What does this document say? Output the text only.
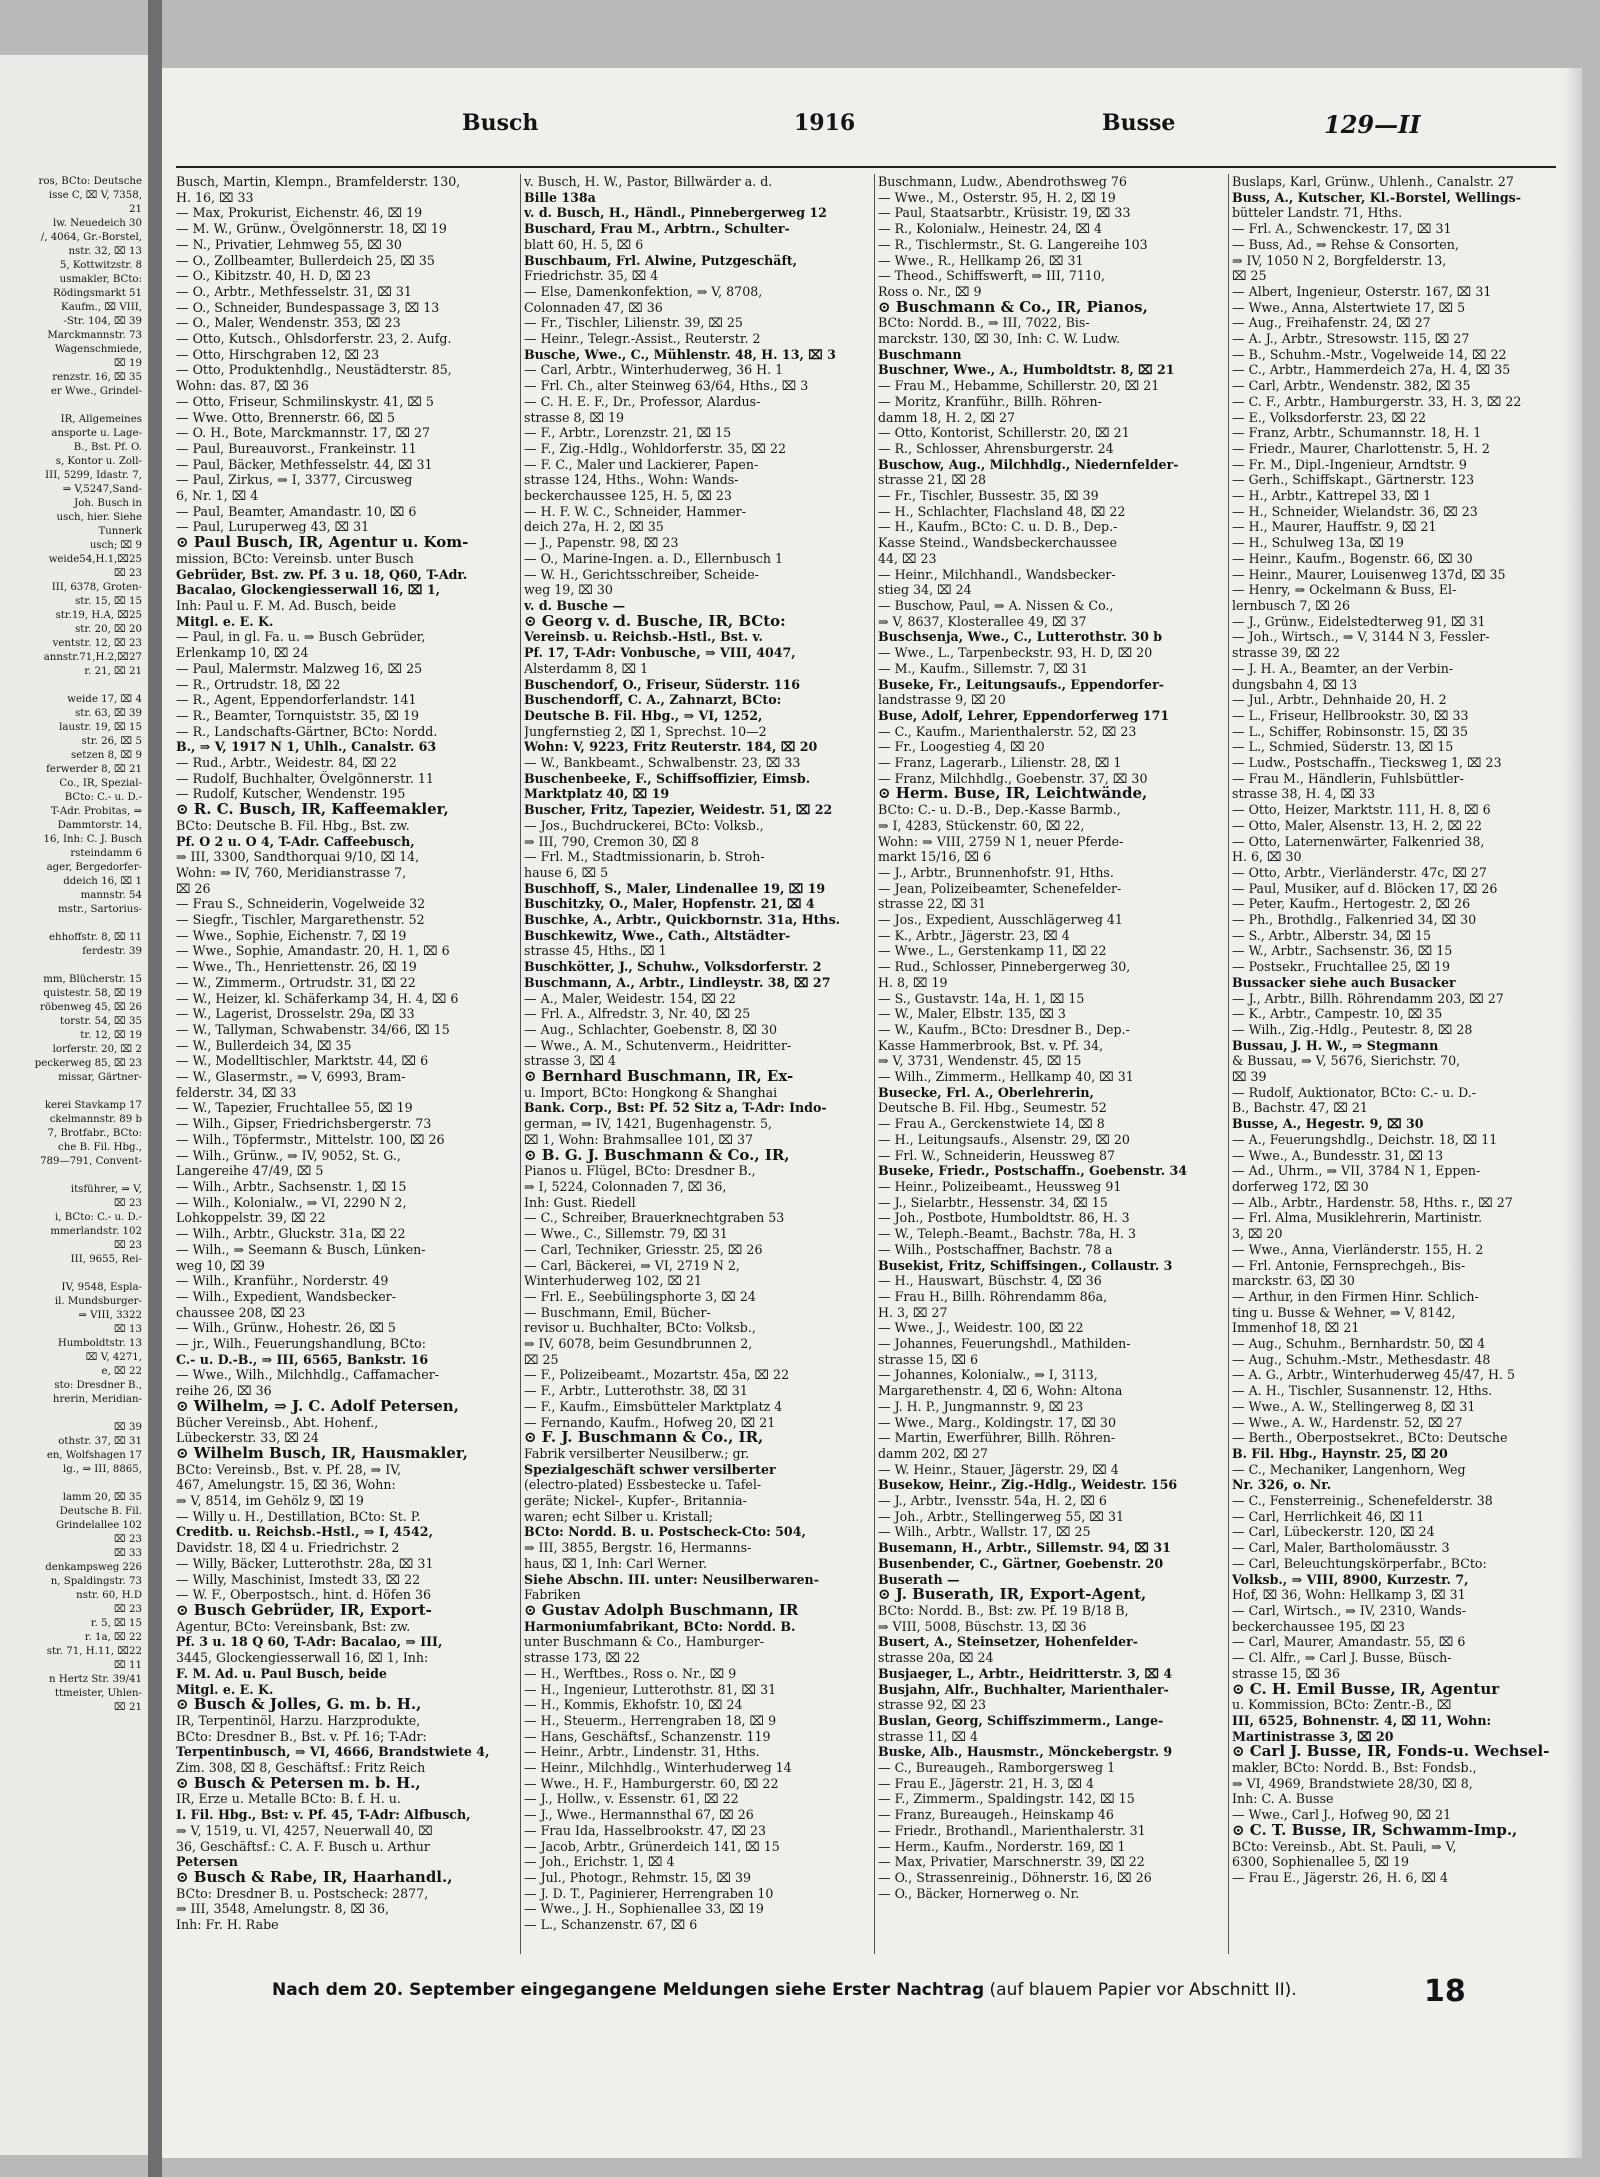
ros, BCto: Deutsche
isse C, ⌧ V, 7358,
21
lw. Neuedeich 30
/, 4064, Gr.-Borstel,
nstr. 32, ⌧ 13
5, Kottwitzstr. 8
usmakler, BCto:
Rödingsmarkt 51
Kaufm., ⌧ VIII,
-Str. 104, ⌧ 39
Marckmannstr. 73
Wagenschmiede,
⌧ 19
renzstr. 16, ⌧ 35
er Wwe., Grindel-

IR, Allgemeines
ansporte u. Lage-
B., Bst. Pf. O.
s, Kontor u. Zoll-
III, 5299, Idastr. 7,
⇒ V,5247,Sand-
Joh. Busch in
usch, hier. Siehe
Tunnerk
usch; ⌧ 9
weide54,H.1,⌧25
⌧ 23
III, 6378, Groten-
str. 15, ⌧ 15
str.19, H.A, ⌧25
str. 20, ⌧ 20
ventstr. 12, ⌧ 23
annstr.71,H.2,⌧27
r. 21, ⌧ 21

weide 17, ⌧ 4
str. 63, ⌧ 39
laustr. 19, ⌧ 15
str. 26, ⌧ 5
setzen 8, ⌧ 9
ferwerder 8, ⌧ 21
Co., IR, Spezial-
BCto: C.- u. D.-
T-Adr. Probitas, ⇒
Dammtorstr. 14,
16, Inh: C. J. Busch
rsteindamm 6
ager, Bergedorfer-
ddeich 16, ⌧ 1
mannstr. 54
mstr., Sartorius-

ehhoffstr. 8, ⌧ 11
ferdestr. 39

mm, Blücherstr. 15
quistestr. 58, ⌧ 19
röbenweg 45, ⌧ 26
torstr. 54, ⌧ 35
tr. 12, ⌧ 19
lorferstr. 20, ⌧ 2
peckerweg 85, ⌧ 23
missar, Gärtner-

kerei Stavkamp 17
ckelmannstr. 89 b
7, Brotfabr., BCto:
che B. Fil. Hbg.,
789—791, Convent-

itsführer, ⇒ V,
⌧ 23
i, BCto: C.- u. D.-
mmerlandstr. 102
⌧ 23
III, 9655, Rei-

IV, 9548, Espla-
il. Mundsburger-
⇒ VIII, 3322
⌧ 13
Humboldtstr. 13
⌧ V, 4271,
e, ⌧ 22
sto: Dresdner B.,
hrerin, Meridian-

⌧ 39
othstr. 37, ⌧ 31
en, Wolfshagen 17
lg., ⇒ III, 8865,

lamm 20, ⌧ 35
Deutsche B. Fil.
Grindelallee 102
⌧ 23
⌧ 33
denkampsweg 226
n, Spaldingstr. 73
nstr. 60, H.D
⌧ 23
r. 5, ⌧ 15
r. 1a, ⌧ 22
str. 71, H.11, ⌧22
⌧ 11
n Hertz Str. 39/41
ttmeister, Uhlen-
⌧ 21
Busch	1916	Busse	129—II
Busch, Martin, Klempn., Bramfelderstr. 130,
H. 16, ⌧ 33
— Max, Prokurist, Eichenstr. 46, ⌧ 19
— M. W., Grünw., Övelgönnerstr. 18, ⌧ 19
— N., Privatier, Lehmweg 55, ⌧ 30
— O., Zollbeamter, Bullerdeich 25, ⌧ 35
— O., Kibitzstr. 40, H. D, ⌧ 23
— O., Arbtr., Methfesselstr. 31, ⌧ 31
— O., Schneider, Bundespassage 3, ⌧ 13
— O., Maler, Wendenstr. 353, ⌧ 23
— Otto, Kutsch., Ohlsdorferstr. 23, 2. Aufg.
— Otto, Hirschgraben 12, ⌧ 23
— Otto, Produktenhdlg., Neustädterstr. 85,
Wohn: das. 87, ⌧ 36
— Otto, Friseur, Schmilinskystr. 41, ⌧ 5
— Wwe. Otto, Brennerstr. 66, ⌧ 5
— O. H., Bote, Marckmannstr. 17, ⌧ 27
— Paul, Bureauvorst., Frankeinstr. 11
— Paul, Bäcker, Methfesselstr. 44, ⌧ 31
— Paul, Zirkus, ⇒ I, 3377, Circusweg
6, Nr. 1, ⌧ 4
— Paul, Beamter, Amandastr. 10, ⌧ 6
— Paul, Luruperweg 43, ⌧ 31
⊙ Paul Busch, IR, Agentur u. Kom-
mission, BCto: Vereinsb. unter Busch
Gebrüder, Bst. zw. Pf. 3 u. 18, Q60, T-Adr.
Bacalao, Glockengiesserwall 16, ⌧ 1,
Inh: Paul u. F. M. Ad. Busch, beide
Mitgl. e. E. K.
— Paul, in gl. Fa. u. ⇒ Busch Gebrüder,
Erlenkamp 10, ⌧ 24
— Paul, Malermstr. Malzweg 16, ⌧ 25
— R., Ortrudstr. 18, ⌧ 22
— R., Agent, Eppendorferlandstr. 141
— R., Beamter, Tornquiststr. 35, ⌧ 19
— R., Landschafts-Gärtner, BCto: Nordd.
B., ⇒ V, 1917 N 1, Uhlh., Canalstr. 63
— Rud., Arbtr., Weidestr. 84, ⌧ 22
— Rudolf, Buchhalter, Övelgönnerstr. 11
— Rudolf, Kutscher, Wendenstr. 195
⊙ R. C. Busch, IR, Kaffeemakler,
BCto: Deutsche B. Fil. Hbg., Bst. zw.
Pf. O 2 u. O 4, T-Adr. Caffeebusch,
⇒ III, 3300, Sandthorquai 9/10, ⌧ 14,
Wohn: ⇒ IV, 760, Meridianstrasse 7,
⌧ 26
— Frau S., Schneiderin, Vogelweide 32
— Siegfr., Tischler, Margarethenstr. 52
— Wwe., Sophie, Eichenstr. 7, ⌧ 19
— Wwe., Sophie, Amandastr. 20, H. 1, ⌧ 6
— Wwe., Th., Henriettenstr. 26, ⌧ 19
— W., Zimmerm., Ortrudstr. 31, ⌧ 22
— W., Heizer, kl. Schäferkamp 34, H. 4, ⌧ 6
— W., Lagerist, Drosselstr. 29a, ⌧ 33
— W., Tallyman, Schwabenstr. 34/66, ⌧ 15
— W., Bullerdeich 34, ⌧ 35
— W., Modelltischler, Marktstr. 44, ⌧ 6
— W., Glasermstr., ⇒ V, 6993, Bram-
felderstr. 34, ⌧ 33
— W., Tapezier, Fruchtallee 55, ⌧ 19
— Wilh., Gipser, Friedrichsbergerstr. 73
— Wilh., Töpfermstr., Mittelstr. 100, ⌧ 26
— Wilh., Grünw., ⇒ IV, 9052, St. G.,
Langereihe 47/49, ⌧ 5
— Wilh., Arbtr., Sachsenstr. 1, ⌧ 15
— Wilh., Kolonialw., ⇒ VI, 2290 N 2,
Lohkoppelstr. 39, ⌧ 22
— Wilh., Arbtr., Gluckstr. 31a, ⌧ 22
— Wilh., ⇒ Seemann & Busch, Lünken-
weg 10, ⌧ 39
— Wilh., Kranführ., Norderstr. 49
— Wilh., Expedient, Wandsbecker-
chaussee 208, ⌧ 23
— Wilh., Grünw., Hohestr. 26, ⌧ 5
— jr., Wilh., Feuerungshandlung, BCto:
C.- u. D.-B., ⇒ III, 6565, Bankstr. 16
— Wwe., Wilh., Milchhdlg., Caffamacher-
reihe 26, ⌧ 36
⊙ Wilhelm, ⇒ J. C. Adolf Petersen,
Bücher Vereinsb., Abt. Hohenf.,
Lübeckerstr. 33, ⌧ 24
⊙ Wilhelm Busch, IR, Hausmakler,
BCto: Vereinsb., Bst. v. Pf. 28, ⇒ IV,
467, Amelungstr. 15, ⌧ 36, Wohn:
⇒ V, 8514, im Gehölz 9, ⌧ 19
— Willy u. H., Destillation, BCto: St. P.
Creditb. u. Reichsb.-Hstl., ⇒ I, 4542,
Davidstr. 18, ⌧ 4 u. Friedrichstr. 2
— Willy, Bäcker, Lutterothstr. 28a, ⌧ 31
— Willy, Maschinist, Imstedt 33, ⌧ 22
— W. F., Oberpostsch., hint. d. Höfen 36
⊙ Busch Gebrüder, IR, Export-
Agentur, BCto: Vereinsbank, Bst: zw.
Pf. 3 u. 18 Q 60, T-Adr: Bacalao, ⇒ III,
3445, Glockengiesserwall 16, ⌧ 1, Inh:
F. M. Ad. u. Paul Busch, beide
Mitgl. e. E. K.
⊙ Busch & Jolles, G. m. b. H.,
IR, Terpentinöl, Harzu. Harzprodukte,
BCto: Dresdner B., Bst. v. Pf. 16; T-Adr:
Terpentinbusch, ⇒ VI, 4666, Brandstwiete 4,
Zim. 308, ⌧ 8, Geschäftsf.: Fritz Reich
⊙ Busch & Petersen m. b. H.,
IR, Erze u. Metalle BCto: B. f. H. u.
I. Fil. Hbg., Bst: v. Pf. 45, T-Adr: Alfbusch,
⇒ V, 1519, u. VI, 4257, Neuerwall 40, ⌧
36, Geschäftsf.: C. A. F. Busch u. Arthur
Petersen
⊙ Busch & Rabe, IR, Haarhandl.,
BCto: Dresdner B. u. Postscheck: 2877,
⇒ III, 3548, Amelungstr. 8, ⌧ 36,
Inh: Fr. H. Rabe
v. Busch, H. W., Pastor, Billwärder a. d.
Bille 138a
v. d. Busch, H., Händl., Pinnebergerweg 12
Buschard, Frau M., Arbtrn., Schulter-
blatt 60, H. 5, ⌧ 6
Buschbaum, Frl. Alwine, Putzgeschäft,
Friedrichstr. 35, ⌧ 4
— Else, Damenkonfektion, ⇒ V, 8708,
Colonnaden 47, ⌧ 36
— Fr., Tischler, Lilienstr. 39, ⌧ 25
— Heinr., Telegr.-Assist., Reuterstr. 2
Busche, Wwe., C., Mühlenstr. 48, H. 13, ⌧ 3
— Carl, Arbtr., Winterhuderweg, 36 H. 1
— Frl. Ch., alter Steinweg 63/64, Hths., ⌧ 3
— C. H. E. F., Dr., Professor, Alardus-
strasse 8, ⌧ 19
— F., Arbtr., Lorenzstr. 21, ⌧ 15
— F., Zig.-Hdlg., Wohldorferstr. 35, ⌧ 22
— F. C., Maler und Lackierer, Papen-
strasse 124, Hths., Wohn: Wands-
beckerchaussee 125, H. 5, ⌧ 23
— H. F. W. C., Schneider, Hammer-
deich 27a, H. 2, ⌧ 35
— J., Papenstr. 98, ⌧ 23
— O., Marine-Ingen. a. D., Ellernbusch 1
— W. H., Gerichtsschreiber, Scheide-
weg 19, ⌧ 30
v. d. Busche —
⊙ Georg v. d. Busche, IR, BCto:
Vereinsb. u. Reichsb.-Hstl., Bst. v.
Pf. 17, T-Adr: Vonbusche, ⇒ VIII, 4047,
Alsterdamm 8, ⌧ 1
Buschendorf, O., Friseur, Süderstr. 116
Buschendorff, C. A., Zahnarzt, BCto:
Deutsche B. Fil. Hbg., ⇒ VI, 1252,
Jungfernstieg 2, ⌧ 1, Sprechst. 10—2
Wohn: V, 9223, Fritz Reuterstr. 184, ⌧ 20
— W., Bankbeamt., Schwalbenstr. 23, ⌧ 33
Buschenbeeke, F., Schiffsoffizier, Eimsb.
Marktplatz 40, ⌧ 19
Buscher, Fritz, Tapezier, Weidestr. 51, ⌧ 22
— Jos., Buchdruckerei, BCto: Volksb.,
⇒ III, 790, Cremon 30, ⌧ 8
— Frl. M., Stadtmissionarin, b. Stroh-
hause 6, ⌧ 5
Buschhoff, S., Maler, Lindenallee 19, ⌧ 19
Buschitzky, O., Maler, Hopfenstr. 21, ⌧ 4
Buschke, A., Arbtr., Quickbornstr. 31a, Hths.
Buschkewitz, Wwe., Cath., Altstädter-
strasse 45, Hths., ⌧ 1
Buschkötter, J., Schuhw., Volksdorferstr. 2
Buschmann, A., Arbtr., Lindleystr. 38, ⌧ 27
— A., Maler, Weidestr. 154, ⌧ 22
— Frl. A., Alfredstr. 3, Nr. 40, ⌧ 25
— Aug., Schlachter, Goebenstr. 8, ⌧ 30
— Wwe., A. M., Schutenverm., Heidritter-
strasse 3, ⌧ 4
⊙ Bernhard Buschmann, IR, Ex-
u. Import, BCto: Hongkong & Shanghai
Bank. Corp., Bst: Pf. 52 Sitz a, T-Adr: Indo-
german, ⇒ IV, 1421, Bugenhagenstr. 5,
⌧ 1, Wohn: Brahmsallee 101, ⌧ 37
⊙ B. G. J. Buschmann & Co., IR,
Pianos u. Flügel, BCto: Dresdner B.,
⇒ I, 5224, Colonnaden 7, ⌧ 36,
Inh: Gust. Riedell
— C., Schreiber, Brauerknechtgraben 53
— Wwe., C., Sillemstr. 79, ⌧ 31
— Carl, Techniker, Griesstr. 25, ⌧ 26
— Carl, Bäckerei, ⇒ VI, 2719 N 2,
Winterhuderweg 102, ⌧ 21
— Frl. E., Seebülingsphorte 3, ⌧ 24
— Buschmann, Emil, Bücher-
revisor u. Buchhalter, BCto: Volksb.,
⇒ IV, 6078, beim Gesundbrunnen 2,
⌧ 25
— F., Polizeibeamt., Mozartstr. 45a, ⌧ 22
— F., Arbtr., Lutterothstr. 38, ⌧ 31
— F., Kaufm., Eimsbütteler Marktplatz 4
— Fernando, Kaufm., Hofweg 20, ⌧ 21
⊙ F. J. Buschmann & Co., IR,
Fabrik versilberter Neusilberw.; gr.
Spezialgeschäft schwer versilberter
(electro-plated) Essbestecke u. Tafel-
geräte; Nickel-, Kupfer-, Britannia-
waren; echt Silber u. Kristall;
BCto: Nordd. B. u. Postscheck-Cto: 504,
⇒ III, 3855, Bergstr. 16, Hermanns-
haus, ⌧ 1, Inh: Carl Werner.
Siehe Abschn. III. unter: Neusilberwaren-
Fabriken
⊙ Gustav Adolph Buschmann, IR
Harmoniumfabrikant, BCto: Nordd. B.
unter Buschmann & Co., Hamburger-
strasse 173, ⌧ 22
— H., Werftbes., Ross o. Nr., ⌧ 9
— H., Ingenieur, Lutterothstr. 81, ⌧ 31
— H., Kommis, Ekhofstr. 10, ⌧ 24
— H., Steuerm., Herrengraben 18, ⌧ 9
— Hans, Geschäftsf., Schanzenstr. 119
— Heinr., Arbtr., Lindenstr. 31, Hths.
— Heinr., Milchhdlg., Winterhuderweg 14
— Wwe., H. F., Hamburgerstr. 60, ⌧ 22
— J., Hollw., v. Essenstr. 61, ⌧ 22
— J., Wwe., Hermannsthal 67, ⌧ 26
— Frau Ida, Hasselbrookstr. 47, ⌧ 23
— Jacob, Arbtr., Grünerdeich 141, ⌧ 15
— Joh., Erichstr. 1, ⌧ 4
— Jul., Photogr., Rehmstr. 15, ⌧ 39
— J. D. T., Paginierer, Herrengraben 10
— Wwe., J. H., Sophienallee 33, ⌧ 19
— L., Schanzenstr. 67, ⌧ 6
Buschmann, Ludw., Abendrothsweg 76
— Wwe., M., Osterstr. 95, H. 2, ⌧ 19
— Paul, Staatsarbtr., Krüsistr. 19, ⌧ 33
— R., Kolonialw., Heinestr. 24, ⌧ 4
— R., Tischlermstr., St. G. Langereihe 103
— Wwe., R., Hellkamp 26, ⌧ 31
— Theod., Schiffswerft, ⇒ III, 7110,
Ross o. Nr., ⌧ 9
⊙ Buschmann & Co., IR, Pianos,
BCto: Nordd. B., ⇒ III, 7022, Bis-
marckstr. 130, ⌧ 30, Inh: C. W. Ludw.
Buschmann
Buschner, Wwe., A., Humboldtstr. 8, ⌧ 21
— Frau M., Hebamme, Schillerstr. 20, ⌧ 21
— Moritz, Kranführ., Billh. Röhren-
damm 18, H. 2, ⌧ 27
— Otto, Kontorist, Schillerstr. 20, ⌧ 21
— R., Schlosser, Ahrensburgerstr. 24
Buschow, Aug., Milchhdlg., Niedernfelder-
strasse 21, ⌧ 28
— Fr., Tischler, Bussestr. 35, ⌧ 39
— H., Schlachter, Flachsland 48, ⌧ 22
— H., Kaufm., BCto: C. u. D. B., Dep.-
Kasse Steind., Wandsbeckerchaussee
44, ⌧ 23
— Heinr., Milchhandl., Wandsbecker-
stieg 34, ⌧ 24
— Buschow, Paul, ⇒ A. Nissen & Co.,
⇒ V, 8637, Klosterallee 49, ⌧ 37
Buschsenja, Wwe., C., Lutterothstr. 30 b
— Wwe., L., Tarpenbeckstr. 93, H. D, ⌧ 20
— M., Kaufm., Sillemstr. 7, ⌧ 31
Buseke, Fr., Leitungsaufs., Eppendorfer-
landstrasse 9, ⌧ 20
Buse, Adolf, Lehrer, Eppendorferweg 171
— C., Kaufm., Marienthalerstr. 52, ⌧ 23
— Fr., Loogestieg 4, ⌧ 20
— Franz, Lagerarb., Lilienstr. 28, ⌧ 1
— Franz, Milchhdlg., Goebenstr. 37, ⌧ 30
⊙ Herm. Buse, IR, Leichtwände,
BCto: C.- u. D.-B., Dep.-Kasse Barmb.,
⇒ I, 4283, Stückenstr. 60, ⌧ 22,
Wohn: ⇒ VIII, 2759 N 1, neuer Pferde-
markt 15/16, ⌧ 6
— J., Arbtr., Brunnenhofstr. 91, Hths.
— Jean, Polizeibeamter, Schenefelder-
strasse 22, ⌧ 31
— Jos., Expedient, Ausschlägerweg 41
— K., Arbtr., Jägerstr. 23, ⌧ 4
— Wwe., L., Gerstenkamp 11, ⌧ 22
— Rud., Schlosser, Pinnebergerweg 30,
H. 8, ⌧ 19
— S., Gustavstr. 14a, H. 1, ⌧ 15
— W., Maler, Elbstr. 135, ⌧ 3
— W., Kaufm., BCto: Dresdner B., Dep.-
Kasse Hammerbrook, Bst. v. Pf. 34,
⇒ V, 3731, Wendenstr. 45, ⌧ 15
— Wilh., Zimmerm., Hellkamp 40, ⌧ 31
Busecke, Frl. A., Oberlehrerin,
Deutsche B. Fil. Hbg., Seumestr. 52
— Frau A., Gerckenstwiete 14, ⌧ 8
— H., Leitungsaufs., Alsenstr. 29, ⌧ 20
— Frl. W., Schneiderin, Heussweg 87
Buseke, Friedr., Postschaffn., Goebenstr. 34
— Heinr., Polizeibeamt., Heussweg 91
— J., Sielarbtr., Hessenstr. 34, ⌧ 15
— Joh., Postbote, Humboldtstr. 86, H. 3
— W., Teleph.-Beamt., Bachstr. 78a, H. 3
— Wilh., Postschaffner, Bachstr. 78 a
Busekist, Fritz, Schiffsingen., Collaustr. 3
— H., Hauswart, Büschstr. 4, ⌧ 36
— Frau H., Billh. Röhrendamm 86a,
H. 3, ⌧ 27
— Wwe., J., Weidestr. 100, ⌧ 22
— Johannes, Feuerungshdl., Mathilden-
strasse 15, ⌧ 6
— Johannes, Kolonialw., ⇒ I, 3113,
Margarethenstr. 4, ⌧ 6, Wohn: Altona
— J. H. P., Jungmannstr. 9, ⌧ 23
— Wwe., Marg., Koldingstr. 17, ⌧ 30
— Martin, Ewerführer, Billh. Röhren-
damm 202, ⌧ 27
— W. Heinr., Stauer, Jägerstr. 29, ⌧ 4
Busekow, Heinr., Zig.-Hdlg., Weidestr. 156
— J., Arbtr., Ivensstr. 54a, H. 2, ⌧ 6
— Joh., Arbtr., Stellingerweg 55, ⌧ 31
— Wilh., Arbtr., Wallstr. 17, ⌧ 25
Busemann, H., Arbtr., Sillemstr. 94, ⌧ 31
Busenbender, C., Gärtner, Goebenstr. 20
Buserath —
⊙ J. Buserath, IR, Export-Agent,
BCto: Nordd. B., Bst: zw. Pf. 19 B/18 B,
⇒ VIII, 5008, Büschstr. 13, ⌧ 36
Busert, A., Steinsetzer, Hohenfelder-
strasse 20a, ⌧ 24
Busjaeger, L., Arbtr., Heidritterstr. 3, ⌧ 4
Busjahn, Alfr., Buchhalter, Marienthaler-
strasse 92, ⌧ 23
Buslan, Georg, Schiffszimmerm., Lange-
strasse 11, ⌧ 4
Buske, Alb., Hausmstr., Mönckebergstr. 9
— C., Bureaugeh., Ramborgersweg 1
— Frau E., Jägerstr. 21, H. 3, ⌧ 4
— F., Zimmerm., Spaldingstr. 142, ⌧ 15
— Franz, Bureaugeh., Heinskamp 46
— Friedr., Brothandl., Marienthalerstr. 31
— Herm., Kaufm., Norderstr. 169, ⌧ 1
— Max, Privatier, Marschnerstr. 39, ⌧ 22
— O., Strassenreinig., Döhnerstr. 16, ⌧ 26
— O., Bäcker, Hornerweg o. Nr.
Buslaps, Karl, Grünw., Uhlenh., Canalstr. 27
Buss, A., Kutscher, Kl.-Borstel, Wellings-
bütteler Landstr. 71, Hths.
— Frl. A., Schwenckestr. 17, ⌧ 31
— Buss, Ad., ⇒ Rehse & Consorten,
⇒ IV, 1050 N 2, Borgfelderstr. 13,
⌧ 25
— Albert, Ingenieur, Osterstr. 167, ⌧ 31
— Wwe., Anna, Alstertwiete 17, ⌧ 5
— Aug., Freihafenstr. 24, ⌧ 27
— A. J., Arbtr., Stresowstr. 115, ⌧ 27
— B., Schuhm.-Mstr., Vogelweide 14, ⌧ 22
— C., Arbtr., Hammerdeich 27a, H. 4, ⌧ 35
— Carl, Arbtr., Wendenstr. 382, ⌧ 35
— C. F., Arbtr., Hamburgerstr. 33, H. 3, ⌧ 22
— E., Volksdorferstr. 23, ⌧ 22
— Franz, Arbtr., Schumannstr. 18, H. 1
— Friedr., Maurer, Charlottenstr. 5, H. 2
— Fr. M., Dipl.-Ingenieur, Arndtstr. 9
— Gerh., Schiffskapt., Gärtnerstr. 123
— H., Arbtr., Kattrepel 33, ⌧ 1
— H., Schneider, Wielandstr. 36, ⌧ 23
— H., Maurer, Hauffstr. 9, ⌧ 21
— H., Schulweg 13a, ⌧ 19
— Heinr., Kaufm., Bogenstr. 66, ⌧ 30
— Heinr., Maurer, Louisenweg 137d, ⌧ 35
— Henry, ⇒ Ockelmann & Buss, El-
lernbusch 7, ⌧ 26
— J., Grünw., Eidelstedterweg 91, ⌧ 31
— Joh., Wirtsch., ⇒ V, 3144 N 3, Fessler-
strasse 39, ⌧ 22
— J. H. A., Beamter, an der Verbin-
dungsbahn 4, ⌧ 13
— Jul., Arbtr., Dehnhaide 20, H. 2
— L., Friseur, Hellbrookstr. 30, ⌧ 33
— L., Schiffer, Robinsonstr. 15, ⌧ 35
— L., Schmied, Süderstr. 13, ⌧ 15
— Ludw., Postschaffn., Tiecksweg 1, ⌧ 23
— Frau M., Händlerin, Fuhlsbüttler-
strasse 38, H. 4, ⌧ 33
— Otto, Heizer, Marktstr. 111, H. 8, ⌧ 6
— Otto, Maler, Alsenstr. 13, H. 2, ⌧ 22
— Otto, Laternenwärter, Falkenried 38,
H. 6, ⌧ 30
— Otto, Arbtr., Vierländerstr. 47c, ⌧ 27
— Paul, Musiker, auf d. Blöcken 17, ⌧ 26
— Peter, Kaufm., Hertogestr. 2, ⌧ 26
— Ph., Brothdlg., Falkenried 34, ⌧ 30
— S., Arbtr., Alberstr. 34, ⌧ 15
— W., Arbtr., Sachsenstr. 36, ⌧ 15
— Postsekr., Fruchtallee 25, ⌧ 19
Bussacker siehe auch Busacker
— J., Arbtr., Billh. Röhrendamm 203, ⌧ 27
— K., Arbtr., Campestr. 10, ⌧ 35
— Wilh., Zig.-Hdlg., Peutestr. 8, ⌧ 28
Bussau, J. H. W., ⇒ Stegmann
& Bussau, ⇒ V, 5676, Sierichstr. 70,
⌧ 39
— Rudolf, Auktionator, BCto: C.- u. D.-
B., Bachstr. 47, ⌧ 21
Busse, A., Hegestr. 9, ⌧ 30
— A., Feuerungshdlg., Deichstr. 18, ⌧ 11
— Wwe., A., Bundesstr. 31, ⌧ 13
— Ad., Uhrm., ⇒ VII, 3784 N 1, Eppen-
dorferweg 172, ⌧ 30
— Alb., Arbtr., Hardenstr. 58, Hths. r., ⌧ 27
— Frl. Alma, Musiklehrerin, Martinistr.
3, ⌧ 20
— Wwe., Anna, Vierländerstr. 155, H. 2
— Frl. Antonie, Fernsprechgeh., Bis-
marckstr. 63, ⌧ 30
— Arthur, in den Firmen Hinr. Schlich-
ting u. Busse & Wehner, ⇒ V, 8142,
Immenhof 18, ⌧ 21
— Aug., Schuhm., Bernhardstr. 50, ⌧ 4
— Aug., Schuhm.-Mstr., Methesdastr. 48
— A. G., Arbtr., Winterhuderweg 45/47, H. 5
— A. H., Tischler, Susannenstr. 12, Hths.
— Wwe., A. W., Stellingerweg 8, ⌧ 31
— Wwe., A. W., Hardenstr. 52, ⌧ 27
— Berth., Oberpostsekret., BCto: Deutsche
B. Fil. Hbg., Haynstr. 25, ⌧ 20
— C., Mechaniker, Langenhorn, Weg
Nr. 326, o. Nr.
— C., Fensterreinig., Schenefelderstr. 38
— Carl, Herrlichkeit 46, ⌧ 11
— Carl, Lübeckerstr. 120, ⌧ 24
— Carl, Maler, Bartholomäusstr. 3
— Carl, Beleuchtungskörperfabr., BCto:
Volksb., ⇒ VIII, 8900, Kurzestr. 7,
Hof, ⌧ 36, Wohn: Hellkamp 3, ⌧ 31
— Carl, Wirtsch., ⇒ IV, 2310, Wands-
beckerchaussee 195, ⌧ 23
— Carl, Maurer, Amandastr. 55, ⌧ 6
— Cl. Alfr., ⇒ Carl J. Busse, Büsch-
strasse 15, ⌧ 36
⊙ C. H. Emil Busse, IR, Agentur
u. Kommission, BCto: Zentr.-B., ⌧
III, 6525, Bohnenstr. 4, ⌧ 11, Wohn:
Martinistrasse 3, ⌧ 20
⊙ Carl J. Busse, IR, Fonds-u. Wechsel-
makler, BCto: Nordd. B., Bst: Fondsb.,
⇒ VI, 4969, Brandstwiete 28/30, ⌧ 8,
Inh: C. A. Busse
— Wwe., Carl J., Hofweg 90, ⌧ 21
⊙ C. T. Busse, IR, Schwamm-Imp.,
BCto: Vereinsb., Abt. St. Pauli, ⇒ V,
6300, Sophienallee 5, ⌧ 19
— Frau E., Jägerstr. 26, H. 6, ⌧ 4
Nach dem 20. September eingegangene Meldungen siehe Erster Nachtrag (auf blauem Papier vor Abschnitt II).	18
